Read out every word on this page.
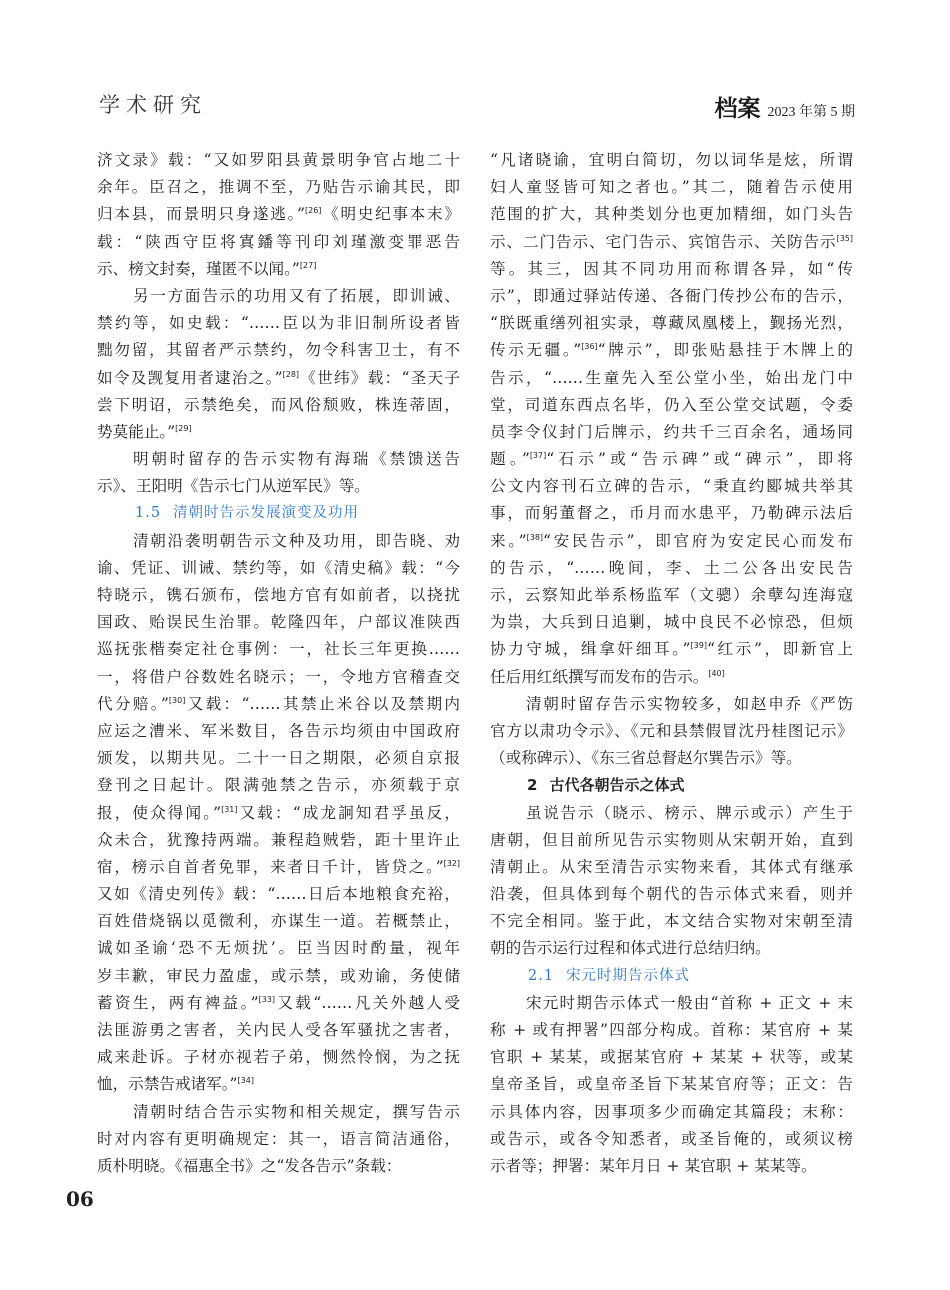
学术研究	档案 2023 年第 5 期
济文录》载：“又如罗阳县黄景明争官占地二十
余年。臣召之，推调不至，乃贴告示谕其民，即
归本县，而景明只身遂逃。”[26]《明史纪事本末》
载：“陕西守臣将寘鐇等刊印刘瑾激变罪恶告
示、榜文封奏，瑾匿不以闻。”[27]
另一方面告示的功用又有了拓展，即训诫、
禁约等，如史载：“……臣以为非旧制所设者皆
黜勿留，其留者严示禁约，勿令科害卫士，有不
如令及觊复用者逮治之。”[28]《世纬》载：“圣天子
尝下明诏，示禁绝矣，而风俗颓败，株连蒂固，
势莫能止。”[29]
明朝时留存的告示实物有海瑞《禁馈送告
示》、王阳明《告示七门从逆军民》等。
1.5 清朝时告示发展演变及功用
清朝沿袭明朝告示文种及功用，即告晓、劝
谕、凭证、训诫、禁约等，如《清史稿》载：“今
特晓示，镌石颁布，偿地方官有如前者，以挠扰
国政、贻误民生治罪。乾隆四年，户部议准陕西
巡抚张楷奏定社仓事例：一，社长三年更换……
一，将借户谷数姓名晓示；一，令地方官稽查交
代分赔。”[30]又载：“……其禁止米谷以及禁期内
应运之漕米、军米数目，各告示均须由中国政府
颁发，以期共见。二十一日之期限，必须自京报
登刊之日起计。限满弛禁之告示，亦须载于京
报，使众得闻。”[31]又载：“成龙詗知君孚虽反，
众未合，犹豫持两端。兼程趋贼砦，距十里许止
宿，榜示自首者免罪，来者日千计，皆贷之。”[32]
又如《清史列传》载：“……日后本地粮食充裕，
百姓借烧锅以觅微利，亦谋生一道。若概禁止，
诚如圣谕‘恐不无烦扰’。臣当因时酌量，视年
岁丰歉，审民力盈虚，或示禁，或劝谕，务使储
蓄资生，两有裨益。”[33]又载“……凡关外越人受
法匪游勇之害者，关内民人受各军骚扰之害者，
咸来赴诉。子材亦视若子弟，恻然怜悯，为之抚
恤，示禁告戒诸军。”[34]
清朝时结合告示实物和相关规定，撰写告示
时对内容有更明确规定：其一，语言简洁通俗，
质朴明晓。《福惠全书》之“发各告示”条载：
“凡诸晓谕，宜明白简切，勿以词华是炫，所谓
妇人童竖皆可知之者也。”其二，随着告示使用
范围的扩大，其种类划分也更加精细，如门头告
示、二门告示、宅门告示、宾馆告示、关防告示[35]
等。其三，因其不同功用而称谓各异，如“传
示”，即通过驿站传递、各衙门传抄公布的告示，
“朕既重缮列祖实录，尊藏凤凰楼上，觐扬光烈，
传示无疆。”[36]“牌示”，即张贴悬挂于木牌上的
告示，“……生童先入至公堂小坐，始出龙门中
堂，司道东西点名毕，仍入至公堂交试题，令委
员李令仪封门后牌示，约共千三百余名，通场同
题。”[37]“石示”或“告示碑”或“碑示”，即将
公文内容刊石立碑的告示，“秉直约郾城共举其
事，而躬董督之，币月而水患平，乃勒碑示法后
来。”[38]“安民告示”，即官府为安定民心而发布
的告示，“……晚间，李、土二公各出安民告
示，云察知此举系杨监军（文骢）余孽勾连海寇
为祟，大兵到日追剿，城中良民不必惊恐，但烦
协力守城，缉拿奸细耳。”[39]“红示”，即新官上
任后用红纸撰写而发布的告示。[40]
清朝时留存告示实物较多，如赵申乔《严饬
官方以肃功令示》、《元和县禁假冒沈丹桂图记示》
（或称碑示）、《东三省总督赵尔巽告示》等。
2 古代各朝告示之体式
虽说告示（晓示、榜示、牌示或示）产生于
唐朝，但目前所见告示实物则从宋朝开始，直到
清朝止。从宋至清告示实物来看，其体式有继承
沿袭，但具体到每个朝代的告示体式来看，则并
不完全相同。鉴于此，本文结合实物对宋朝至清
朝的告示运行过程和体式进行总结归纳。
2.1 宋元时期告示体式
宋元时期告示体式一般由“首称 + 正文 + 末
称 + 或有押署”四部分构成。首称：某官府 + 某
官职 + 某某，或据某官府 + 某某 + 状等，或某
皇帝圣旨，或皇帝圣旨下某某官府等；正文：告
示具体内容，因事项多少而确定其篇段；末称：
或告示，或各令知悉者，或圣旨俺的，或须议榜
示者等；押署：某年月日 + 某官职 + 某某等。
06
